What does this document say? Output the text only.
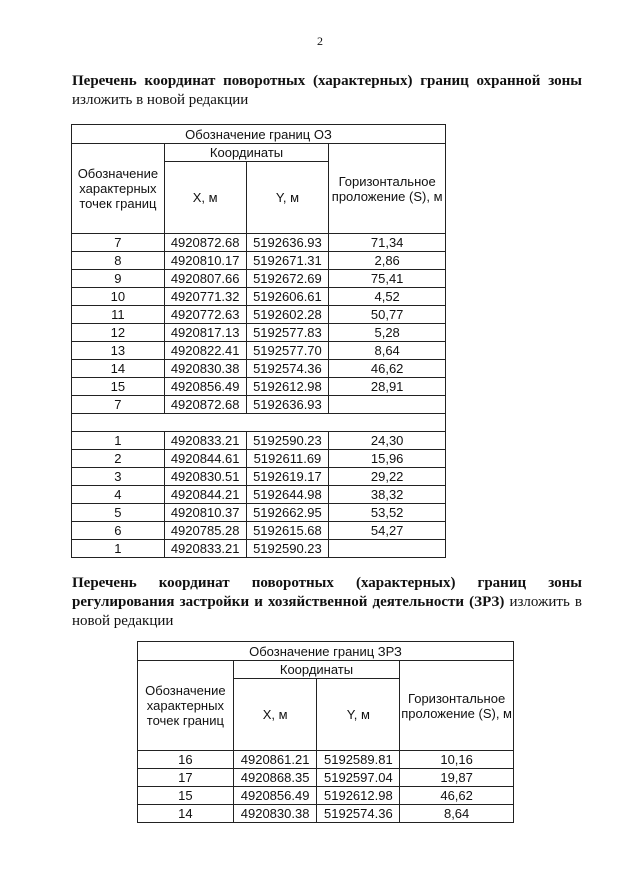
2
Перечень координат поворотных (характерных) границ охранной зоны изложить в новой редакции
Обозначение границ ОЗ			
Обозначение характерных точек границ	Координаты		Горизонтальное проложение (S), м
	X, м	Y, м	
7	4920872.68	5192636.93	71,34
8	4920810.17	5192671.31	2,86
9	4920807.66	5192672.69	75,41
10	4920771.32	5192606.61	4,52
11	4920772.63	5192602.28	50,77
12	4920817.13	5192577.83	5,28
13	4920822.41	5192577.70	8,64
14	4920830.38	5192574.36	46,62
15	4920856.49	5192612.98	28,91
7	4920872.68	5192636.93	

1	4920833.21	5192590.23	24,30
2	4920844.61	5192611.69	15,96
3	4920830.51	5192619.17	29,22
4	4920844.21	5192644.98	38,32
5	4920810.37	5192662.95	53,52
6	4920785.28	5192615.68	54,27
1	4920833.21	5192590.23	
Перечень координат поворотных (характерных) границ зоны регулирования застройки и хозяйственной деятельности (ЗРЗ) изложить в новой редакции
Обозначение границ ЗРЗ			
Обозначение характерных точек границ	Координаты		Горизонтальное проложение (S), м
	X, м	Y, м	
16	4920861.21	5192589.81	10,16
17	4920868.35	5192597.04	19,87
15	4920856.49	5192612.98	46,62
14	4920830.38	5192574.36	8,64
